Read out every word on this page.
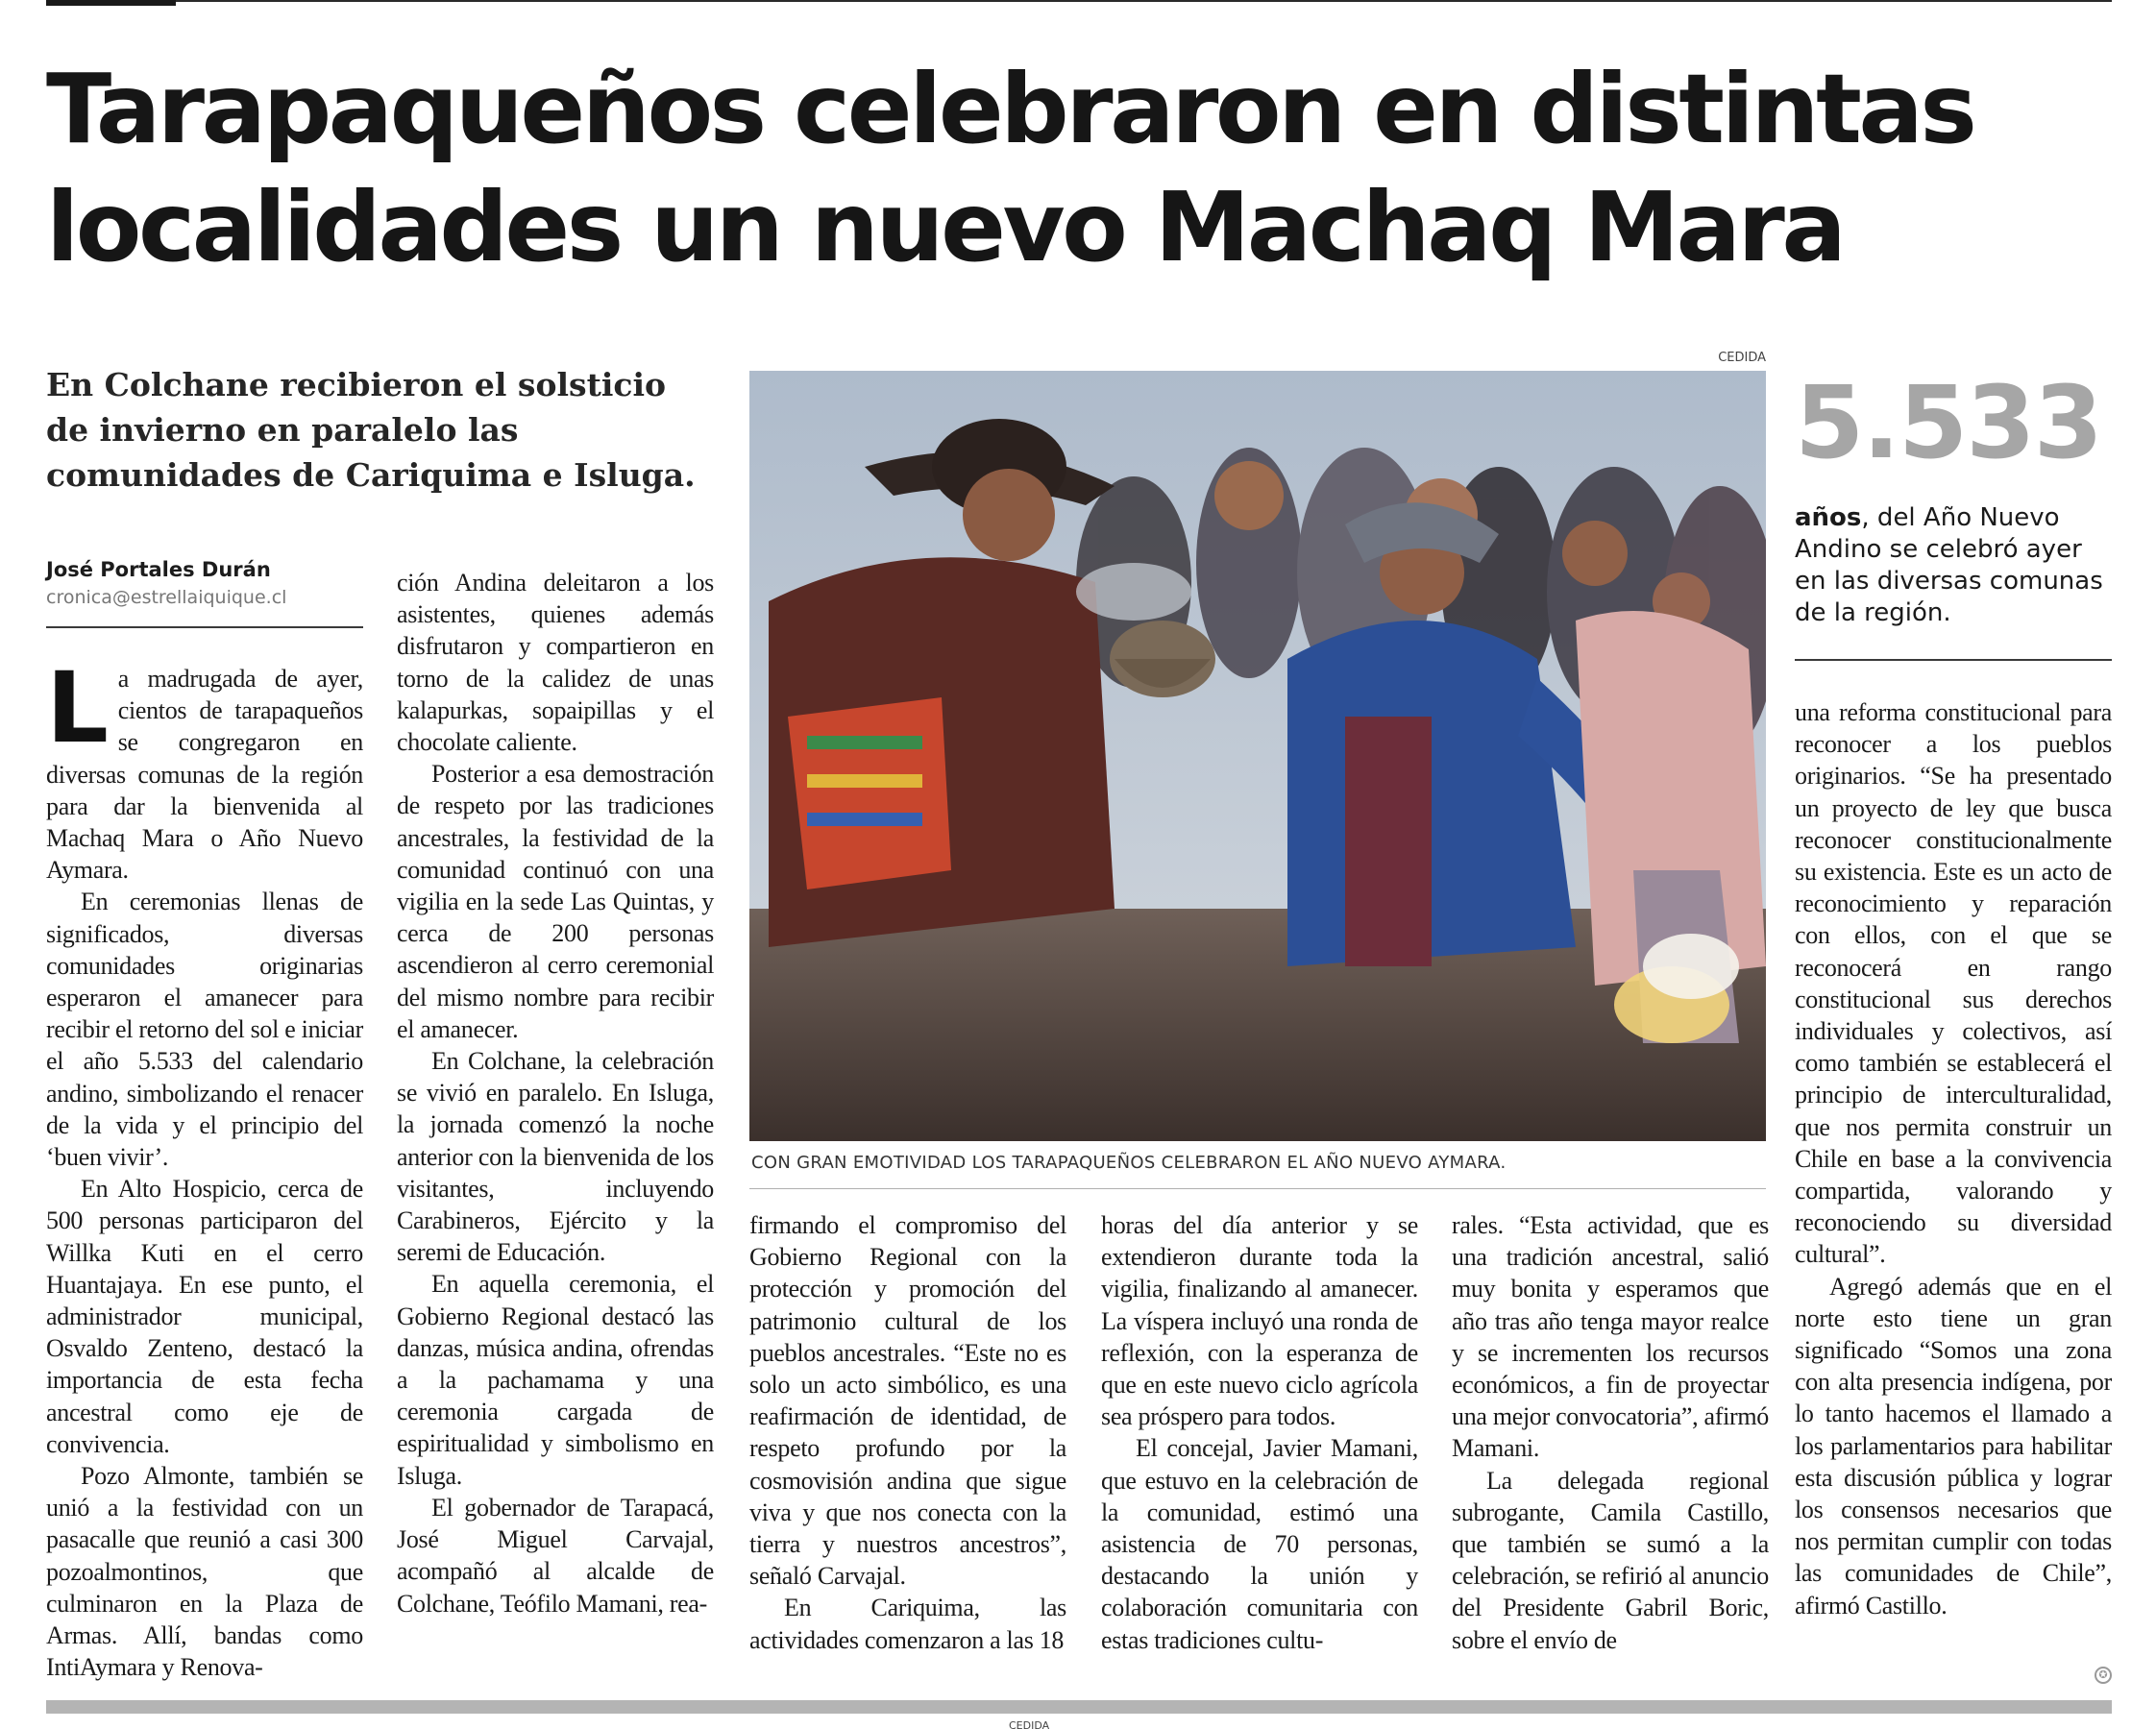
Tarapaqueños celebraron en distintas
localidades un nuevo Machaq Mara
En Colchane recibieron el solsticio de invierno en paralelo las comunidades de Cariquima e Isluga.
José Portales Durán
cronica@estrellaiquique.cl
L a madrugada de ayer, cientos de tarapaqueños se congregaron en diversas comunas de la región para dar la bienvenida al Machaq Mara o Año Nuevo Aymara.

En ceremonias llenas de significados, diversas comunidades originarias esperaron el amanecer para recibir el retorno del sol e iniciar el año 5.533 del calendario andino, simbolizando el renacer de la vida y el principio del ‘buen vivir’.

En Alto Hospicio, cerca de 500 personas participaron del Willka Kuti en el cerro Huantajaya. En ese punto, el administrador municipal, Osvaldo Zenteno, destacó la importancia de esta fecha ancestral como eje de convivencia.

Pozo Almonte, también se unió a la festividad con un pasacalle que reunió a casi 300 pozoalmontinos, que culminaron en la Plaza de Armas. Allí, bandas como IntiAymara y Renova-

ción Andina deleitaron a los asistentes, quienes además disfrutaron y compartieron en torno de la calidez de unas kalapurkas, sopaipillas y el chocolate caliente.

Posterior a esa demostración de respeto por las tradiciones ancestrales, la festividad de la comunidad continuó con una vigilia en la sede Las Quintas, y cerca de 200 personas ascendieron al cerro ceremonial del mismo nombre para recibir el amanecer.

En Colchane, la celebración se vivió en paralelo. En Isluga, la jornada comenzó la noche anterior con la bienvenida de los visitantes, incluyendo Carabineros, Ejército y la seremi de Educación.

En aquella ceremonia, el Gobierno Regional destacó las danzas, música andina, ofrendas a la pachamama y una ceremonia cargada de espiritualidad y simbolismo en Isluga.

El gobernador de Tarapacá, José Miguel Carvajal, acompañó al alcalde de Colchane, Teófilo Mamani, rea-

CEDIDA
CON GRAN EMOTIVIDAD LOS TARAPAQUEÑOS CELEBRARON EL AÑO NUEVO AYMARA.
5.533
años, del Año Nuevo Andino se celebró ayer en las diversas comunas de la región.

firmando el compromiso del Gobierno Regional con la protección y promoción del patrimonio cultural de los pueblos ancestrales. “Este no es solo un acto simbólico, es una reafirmación de identidad, de respeto profundo por la cosmovisión andina que sigue viva y que nos conecta con la tierra y nuestros ancestros”, señaló Carvajal.

En Cariquima, las actividades comenzaron a las 18

horas del día anterior y se extendieron durante toda la vigilia, finalizando al amanecer. La víspera incluyó una ronda de reflexión, con la esperanza de que en este nuevo ciclo agrícola sea próspero para todos.

El concejal, Javier Mamani, que estuvo en la celebración de la comunidad, estimó una asistencia de 70 personas, destacando la unión y colaboración comunitaria con estas tradiciones cultu-

rales. “Esta actividad, que es una tradición ancestral, salió muy bonita y esperamos que año tras año tenga mayor realce y se incrementen los recursos económicos, a fin de proyectar una mejor convocatoria”, afirmó Mamani.

La delegada regional subrogante, Camila Castillo, que también se sumó a la celebración, se refirió al anuncio del Presidente Gabril Boric, sobre el envío de

una reforma constitucional para reconocer a los pueblos originarios. “Se ha presentado un proyecto de ley que busca reconocer constitucionalmente su existencia. Este es un acto de reconocimiento y reparación con ellos, con el que se reconocerá en rango constitucional sus derechos individuales y colectivos, así como también se establecerá el principio de interculturalidad, que nos permita construir un Chile en base a la convivencia compartida, valorando y reconociendo su diversidad cultural”.

Agregó además que en el norte esto tiene un gran significado “Somos una zona con alta presencia indígena, por lo tanto hacemos el llamado a los parlamentarios para habilitar esta discusión pública y lograr los consensos necesarios que nos permitan cumplir con todas las comunidades de Chile”, afirmó Castillo.

✪
CEDIDA
